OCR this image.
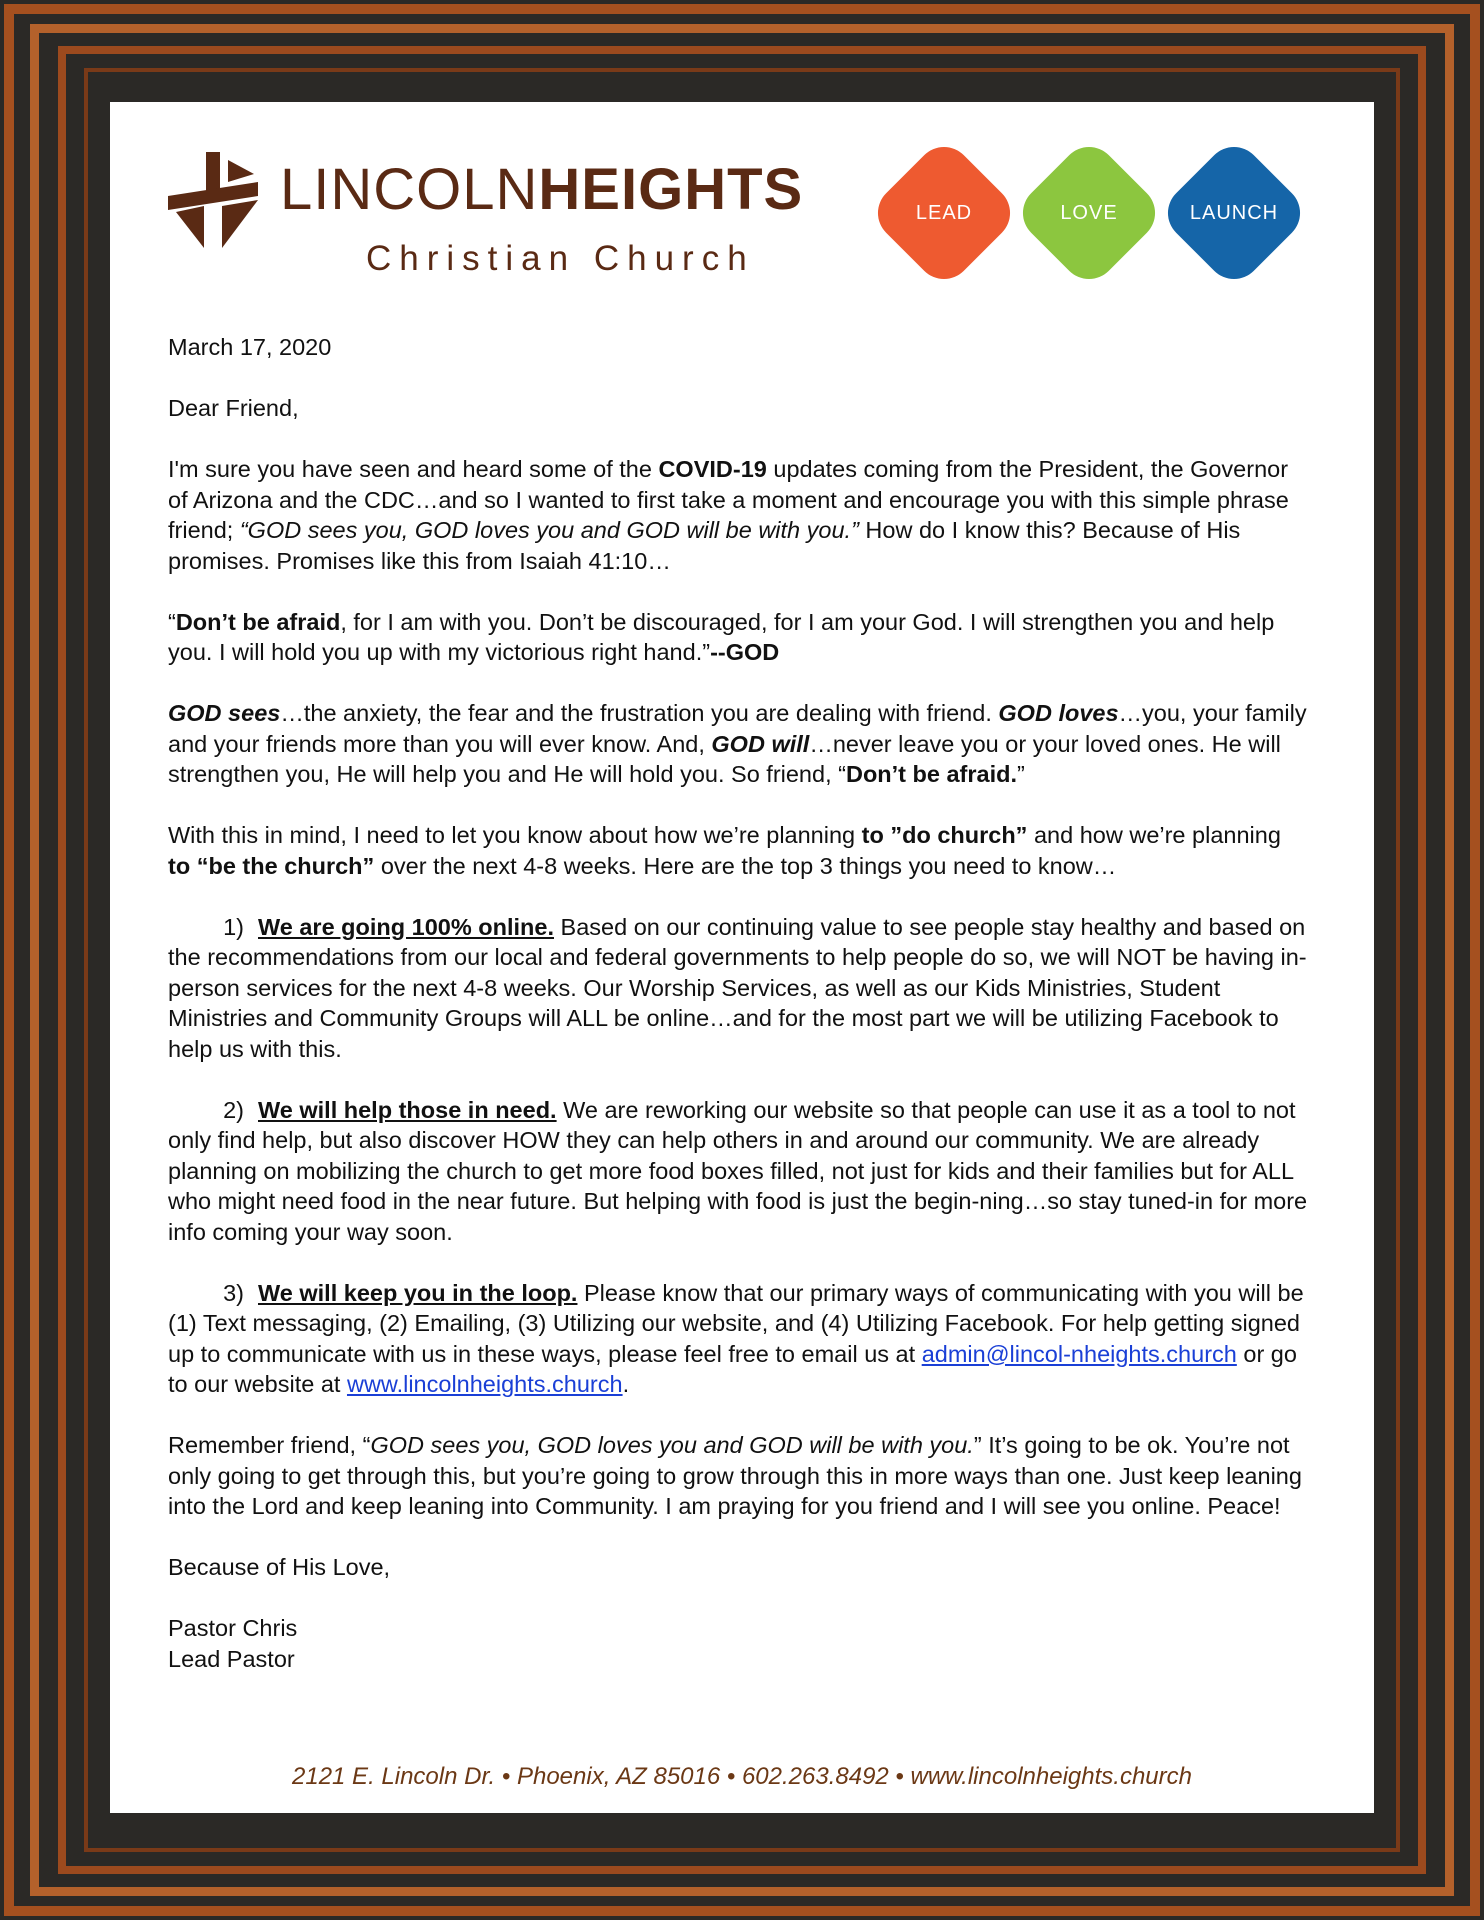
LINCOLNHEIGHTS
Christian Church
LEAD	LOVE	LAUNCH

March 17, 2020

Dear Friend,

I'm sure you have seen and heard some of the COVID-19 updates coming from the President, the Governor of Arizona and the CDC…and so I wanted to first take a moment and encourage you with this simple phrase friend; “GOD sees you, GOD loves you and GOD will be with you.” How do I know this? Because of His promises. Promises like this from Isaiah 41:10…

“Don’t be afraid, for I am with you. Don’t be discouraged, for I am your God. I will strengthen you and help you. I will hold you up with my victorious right hand.”--GOD

GOD sees…the anxiety, the fear and the frustration you are dealing with friend. GOD loves…you, your family and your friends more than you will ever know. And, GOD will…never leave you or your loved ones. He will strengthen you, He will help you and He will hold you. So friend, “Don’t be afraid.”

With this in mind, I need to let you know about how we’re planning to ”do church” and how we’re planning to “be the church” over the next 4-8 weeks. Here are the top 3 things you need to know…

1) We are going 100% online. Based on our continuing value to see people stay healthy and based on the recommendations from our local and federal governments to help people do so, we will NOT be having in-person services for the next 4-8 weeks. Our Worship Services, as well as our Kids Ministries, Student Ministries and Community Groups will ALL be online…and for the most part we will be utilizing Facebook to help us with this.

2) We will help those in need. We are reworking our website so that people can use it as a tool to not only find help, but also discover HOW they can help others in and around our community. We are already planning on mobilizing the church to get more food boxes filled, not just for kids and their families but for ALL who might need food in the near future. But helping with food is just the begin-ning…so stay tuned-in for more info coming your way soon.

3) We will keep you in the loop. Please know that our primary ways of communicating with you will be (1) Text messaging, (2) Emailing, (3) Utilizing our website, and (4) Utilizing Facebook. For help getting signed up to communicate with us in these ways, please feel free to email us at admin@lincol-nheights.church or go to our website at www.lincolnheights.church.

Remember friend, “GOD sees you, GOD loves you and GOD will be with you.” It’s going to be ok. You’re not only going to get through this, but you’re going to grow through this in more ways than one. Just keep leaning into the Lord and keep leaning into Community. I am praying for you friend and I will see you online. Peace!

Because of His Love,

Pastor Chris
Lead Pastor
2121 E. Lincoln Dr. • Phoenix, AZ 85016 • 602.263.8492 • www.lincolnheights.church
